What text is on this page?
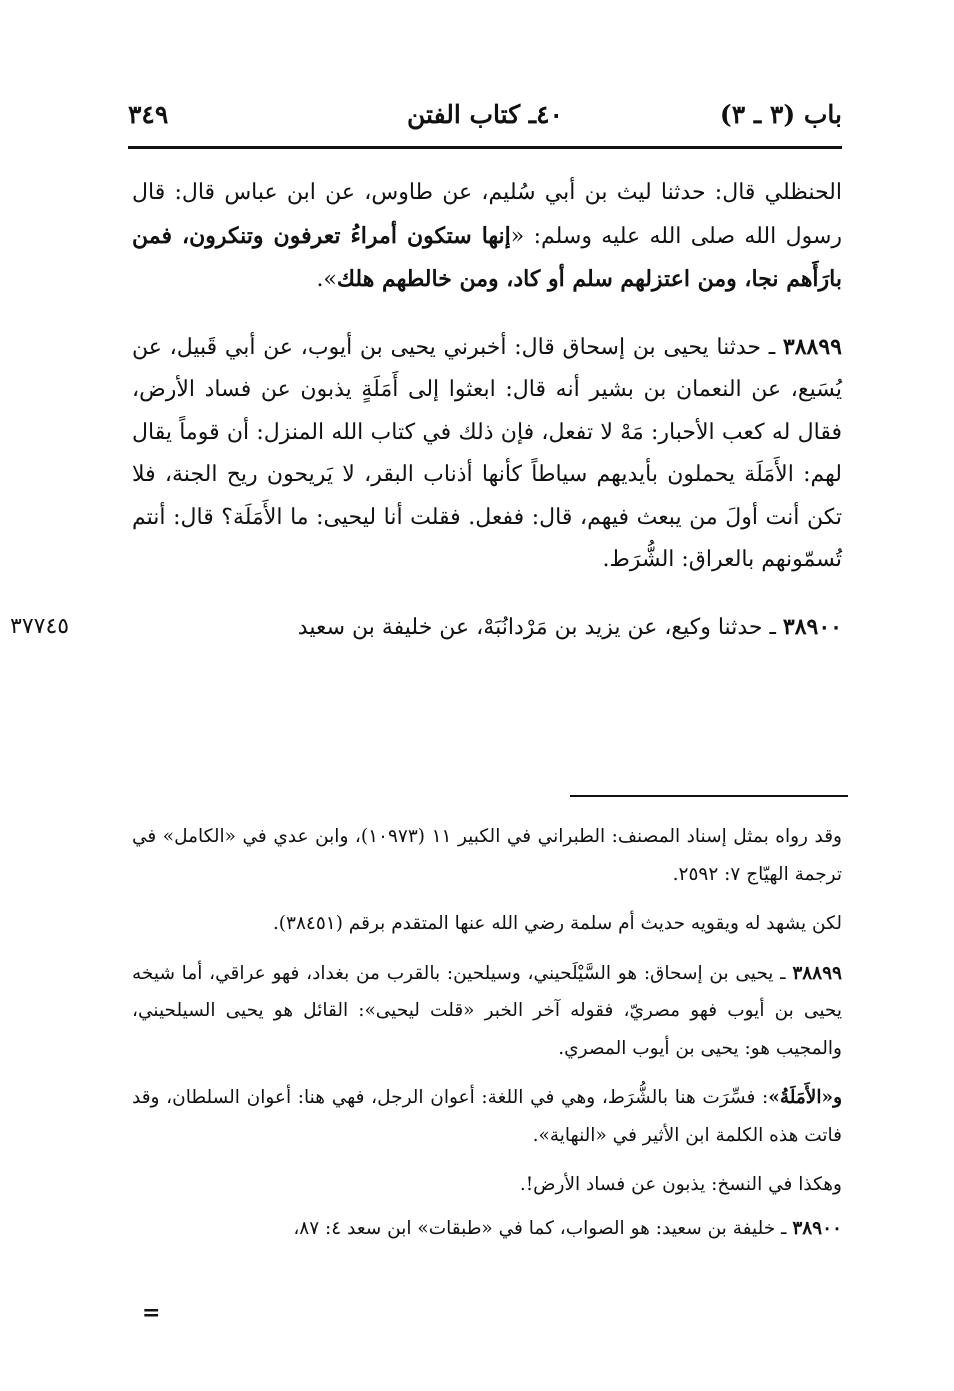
باب (٣ ـ ٣)
٤٠ـ كتاب الفتن
٣٤٩

الحنظلي قال: حدثنا ليث بن أبي سُليم، عن طاوس، عن ابن عباس قال: قال رسول الله صلى الله عليه وسلم: «إنها ستكون أمراءُ تعرفون وتنكرون، فمن بارَأَهم نجا، ومن اعتزلهم سلم أو كاد، ومن خالطهم هلك».

٣٨٨٩٩ ـ حدثنا يحيى بن إسحاق قال: أخبرني يحيى بن أيوب، عن أبي قَبيل، عن يُسَيع، عن النعمان بن بشير أنه قال: ابعثوا إلى أَمَلَةٍ يذبون عن فساد الأرض، فقال له كعب الأحبار: مَهْ لا تفعل، فإن ذلك في كتاب الله المنزل: أن قوماً يقال لهم: الأَمَلَة يحملون بأيديهم سياطاً كأنها أذناب البقر، لا يَريحون ريح الجنة، فلا تكن أنت أولَ من يبعث فيهم، قال: ففعل. فقلت أنا ليحيى: ما الأَمَلَة؟ قال: أنتم تُسمّونهم بالعراق: الشُّرَط.

٣٨٩٠٠ ـ حدثنا وكيع، عن يزيد بن مَرْدانُبَهْ، عن خليفة بن سعيد
٣٧٧٤٥

وقد رواه بمثل إسناد المصنف: الطبراني في الكبير ١١ (١٠٩٧٣)، وابن عدي في «الكامل» في ترجمة الهيّاج ٧: ٢٥٩٢.

لكن يشهد له ويقويه حديث أم سلمة رضي الله عنها المتقدم برقم (٣٨٤٥١).

٣٨٨٩٩ ـ يحيى بن إسحاق: هو السَّيْلَحيني، وسيلحين: بالقرب من بغداد، فهو عراقي، أما شيخه يحيى بن أيوب فهو مصريّ، فقوله آخر الخبر «قلت ليحيى»: القائل هو يحيى السيلحيني، والمجيب هو: يحيى بن أيوب المصري.

و«الأَمَلَةُ»: فسِّرَت هنا بالشُّرَط، وهي في اللغة: أعوان الرجل، فهي هنا: أعوان السلطان، وقد فاتت هذه الكلمة ابن الأثير في «النهاية».

وهكذا في النسخ: يذبون عن فساد الأرض!.

٣٨٩٠٠ ـ خليفة بن سعيد: هو الصواب، كما في «طبقات» ابن سعد ٤: ٨٧،

=
